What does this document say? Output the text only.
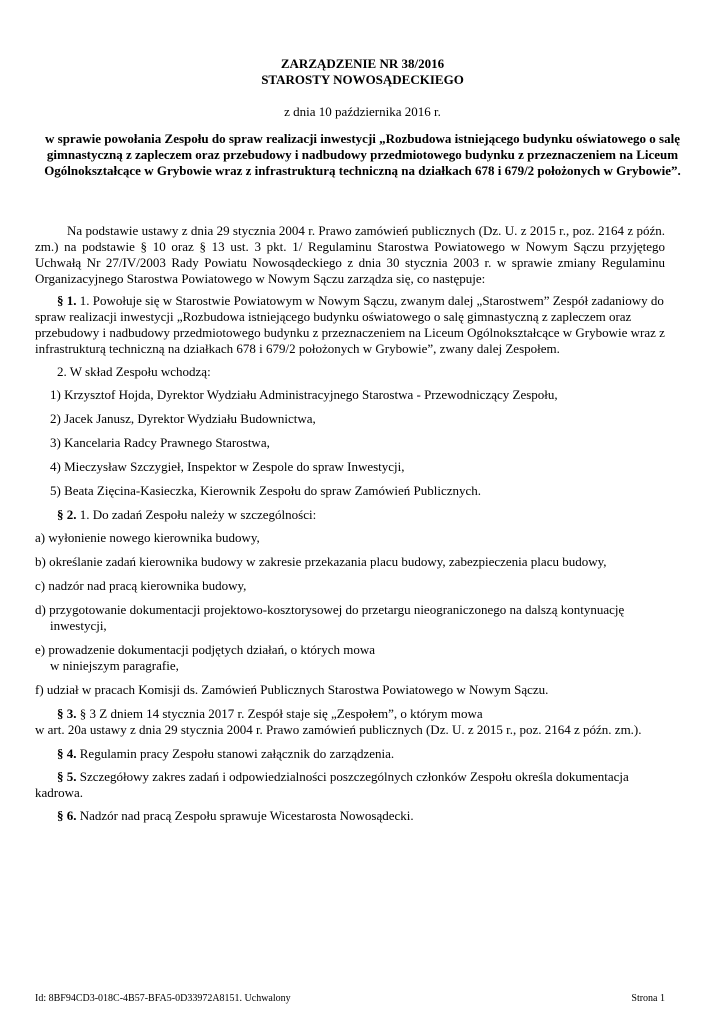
ZARZĄDZENIE NR 38/2016
STAROSTY NOWOSĄDECKIEGO
z dnia 10 października 2016 r.
w sprawie powołania Zespołu do spraw realizacji inwestycji „Rozbudowa istniejącego budynku oświatowego o salę gimnastyczną z zapleczem oraz przebudowy i nadbudowy przedmiotowego budynku z przeznaczeniem na Liceum Ogólnokształcące w Grybowie wraz z infrastrukturą techniczną na działkach 678 i 679/2 położonych w Grybowie”.

Na podstawie ustawy z dnia 29 stycznia 2004 r. Prawo zamówień publicznych (Dz. U. z 2015 r., poz. 2164 z późn. zm.) na podstawie § 10 oraz § 13 ust. 3 pkt. 1/ Regulaminu Starostwa Powiatowego w Nowym Sączu przyjętego Uchwałą Nr 27/IV/2003 Rady Powiatu Nowosądeckiego z dnia 30 stycznia 2003 r. w sprawie zmiany Regulaminu Organizacyjnego Starostwa Powiatowego w Nowym Sączu zarządza się, co następuje:

§ 1. 1. Powołuje się w Starostwie Powiatowym w Nowym Sączu, zwanym dalej „Starostwem” Zespół zadaniowy do spraw realizacji inwestycji „Rozbudowa istniejącego budynku oświatowego o salę gimnastyczną z zapleczem oraz przebudowy i nadbudowy przedmiotowego budynku z przeznaczeniem na Liceum Ogólnokształcące w Grybowie wraz z infrastrukturą techniczną na działkach 678 i 679/2 położonych w Grybowie”, zwany dalej Zespołem.

2. W skład Zespołu wchodzą:

1) Krzysztof Hojda, Dyrektor Wydziału Administracyjnego Starostwa - Przewodniczący Zespołu,

2) Jacek Janusz, Dyrektor Wydziału Budownictwa,

3) Kancelaria Radcy Prawnego Starostwa,

4) Mieczysław Szczygieł, Inspektor w Zespole do spraw Inwestycji,

5) Beata Zięcina-Kasieczka, Kierownik Zespołu do spraw Zamówień Publicznych.

§ 2. 1. Do zadań Zespołu należy w szczególności:

a) wyłonienie nowego kierownika budowy,

b) określanie zadań kierownika budowy w zakresie przekazania placu budowy, zabezpieczenia placu budowy,

c) nadzór nad pracą kierownika budowy,

d) przygotowanie dokumentacji projektowo-kosztorysowej do przetargu nieograniczonego na dalszą kontynuację inwestycji,

e) prowadzenie dokumentacji podjętych działań, o których mowa

w niniejszym paragrafie,

f) udział w pracach Komisji ds. Zamówień Publicznych Starostwa Powiatowego w Nowym Sączu.

§ 3. § 3 Z dniem 14 stycznia 2017 r. Zespół staje się „Zespołem”, o którym mowa

w art. 20a ustawy z dnia 29 stycznia 2004 r. Prawo zamówień publicznych (Dz. U. z 2015 r., poz. 2164 z późn. zm.).

§ 4. Regulamin pracy Zespołu stanowi załącznik do zarządzenia.

§ 5. Szczegółowy zakres zadań i odpowiedzialności poszczególnych członków Zespołu określa dokumentacja kadrowa.

§ 6. Nadzór nad pracą Zespołu sprawuje Wicestarosta Nowosądecki.

Id: 8BF94CD3-018C-4B57-BFA5-0D33972A8151. Uchwalony	Strona 1
